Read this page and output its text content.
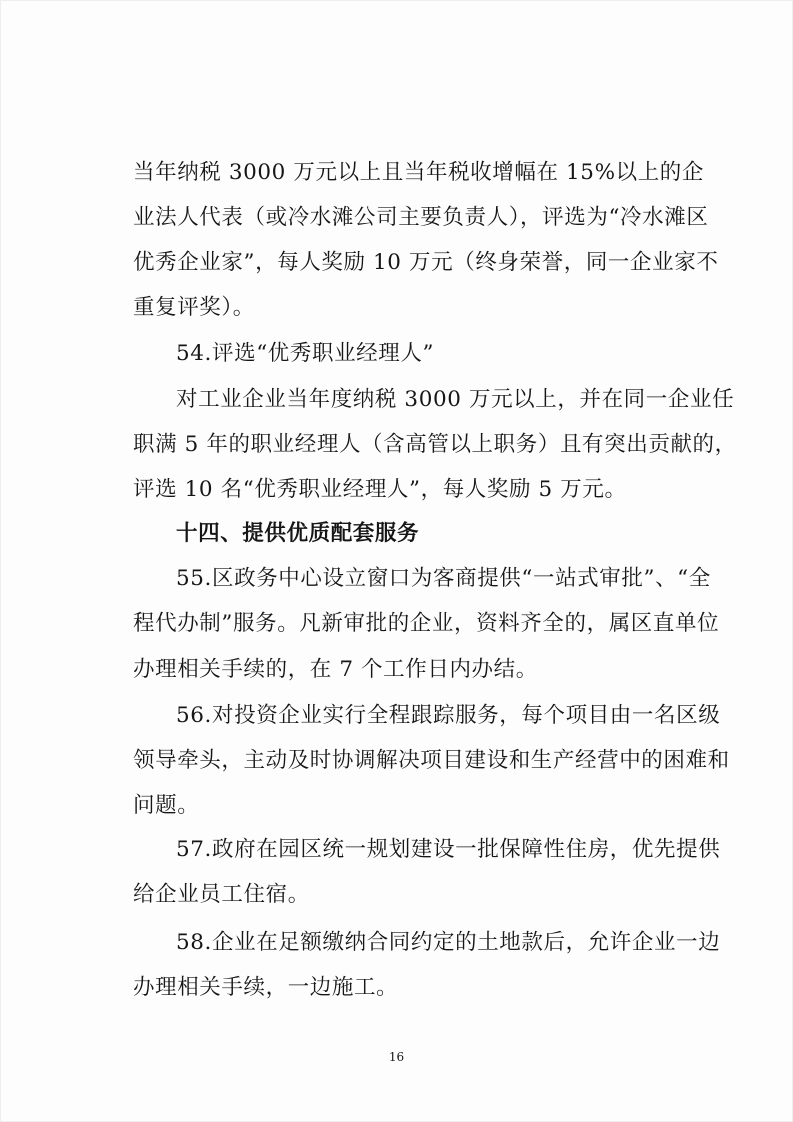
当年纳税 3000 万元以上且当年税收增幅在 15%以上的企
业法人代表（或冷水滩公司主要负责人），评选为“冷水滩区
优秀企业家”，每人奖励 10 万元（终身荣誉，同一企业家不
重复评奖）。
54.评选“优秀职业经理人”
对工业企业当年度纳税 3000 万元以上，并在同一企业任
职满 5 年的职业经理人（含高管以上职务）且有突出贡献的，
评选 10 名“优秀职业经理人”，每人奖励 5 万元。
十四、提供优质配套服务
55.区政务中心设立窗口为客商提供“一站式审批”、“全
程代办制”服务。凡新审批的企业，资料齐全的，属区直单位
办理相关手续的，在 7 个工作日内办结。
56.对投资企业实行全程跟踪服务，每个项目由一名区级
领导牵头，主动及时协调解决项目建设和生产经营中的困难和
问题。
57.政府在园区统一规划建设一批保障性住房，优先提供
给企业员工住宿。
58.企业在足额缴纳合同约定的土地款后，允许企业一边
办理相关手续，一边施工。
16
